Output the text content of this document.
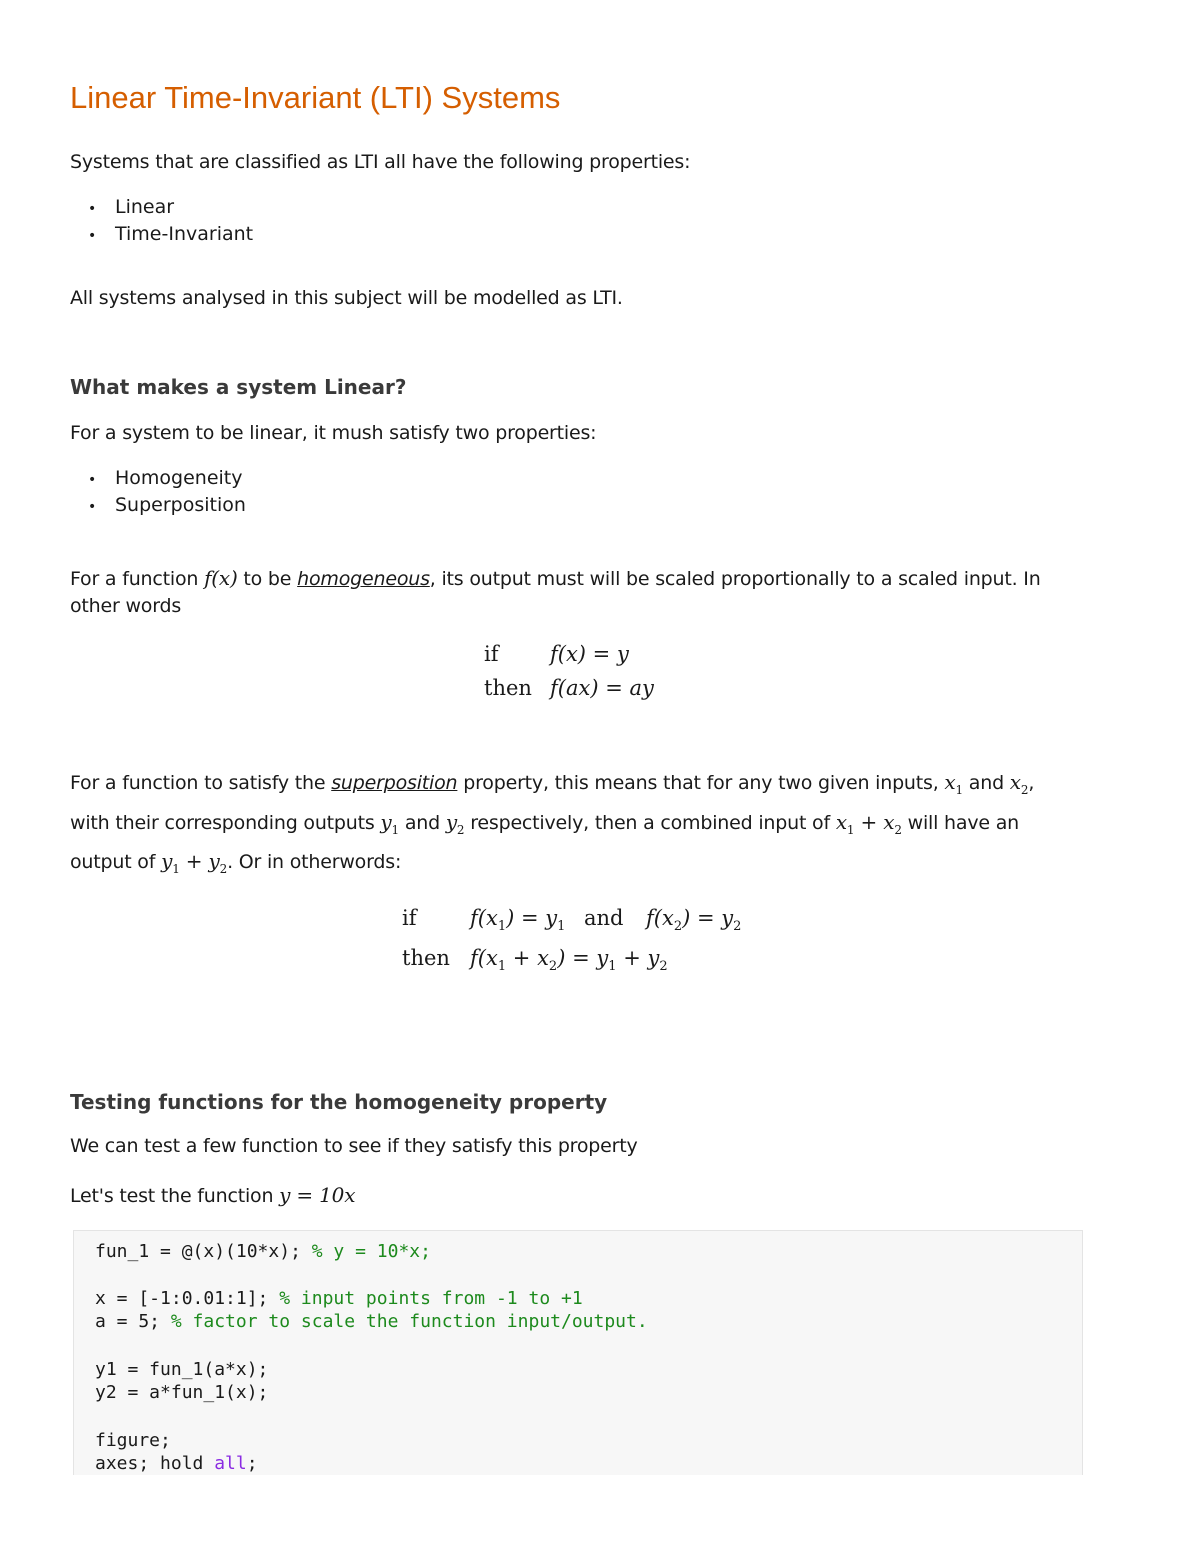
Linear Time-Invariant (LTI) Systems

Systems that are classified as LTI all have the following properties:

• Linear
• Time-Invariant

All systems analysed in this subject will be modelled as LTI.

What makes a system Linear?

For a system to be linear, it mush satisfy two properties:

• Homogeneity
• Superposition

For a function f(x) to be homogeneous, its output must will be scaled proportionally to a scaled input. In other words

if f(x) = y
then f(ax) = ay

For a function to satisfy the superposition property, this means that for any two given inputs, $x_1$ and $x_2$,

with their corresponding outputs $y_1$ and $y_2$ respectively, then a combined input of $x_1 + x_2$ will have an

output of $y_1 + y_2$. Or in otherwords:

if	$f(x_1) = y_1$ and $f(x_2) = y_2$
then $f(x_1 + x_2) = y_1 + y_2$
Testing functions for the homogeneity property

We can test a few function to see if they satisfy this property

Let's test the function y = 10x

fun_1 = @(x)(10*x); % y = 10*x;
x = [-1:0.01:1]; % input points from -1 to +1
a = 5; % factor to scale the function input/output.
y1 = fun_1(a*x);
y2 = a*fun_1(x);
figure;
axes; hold all;
